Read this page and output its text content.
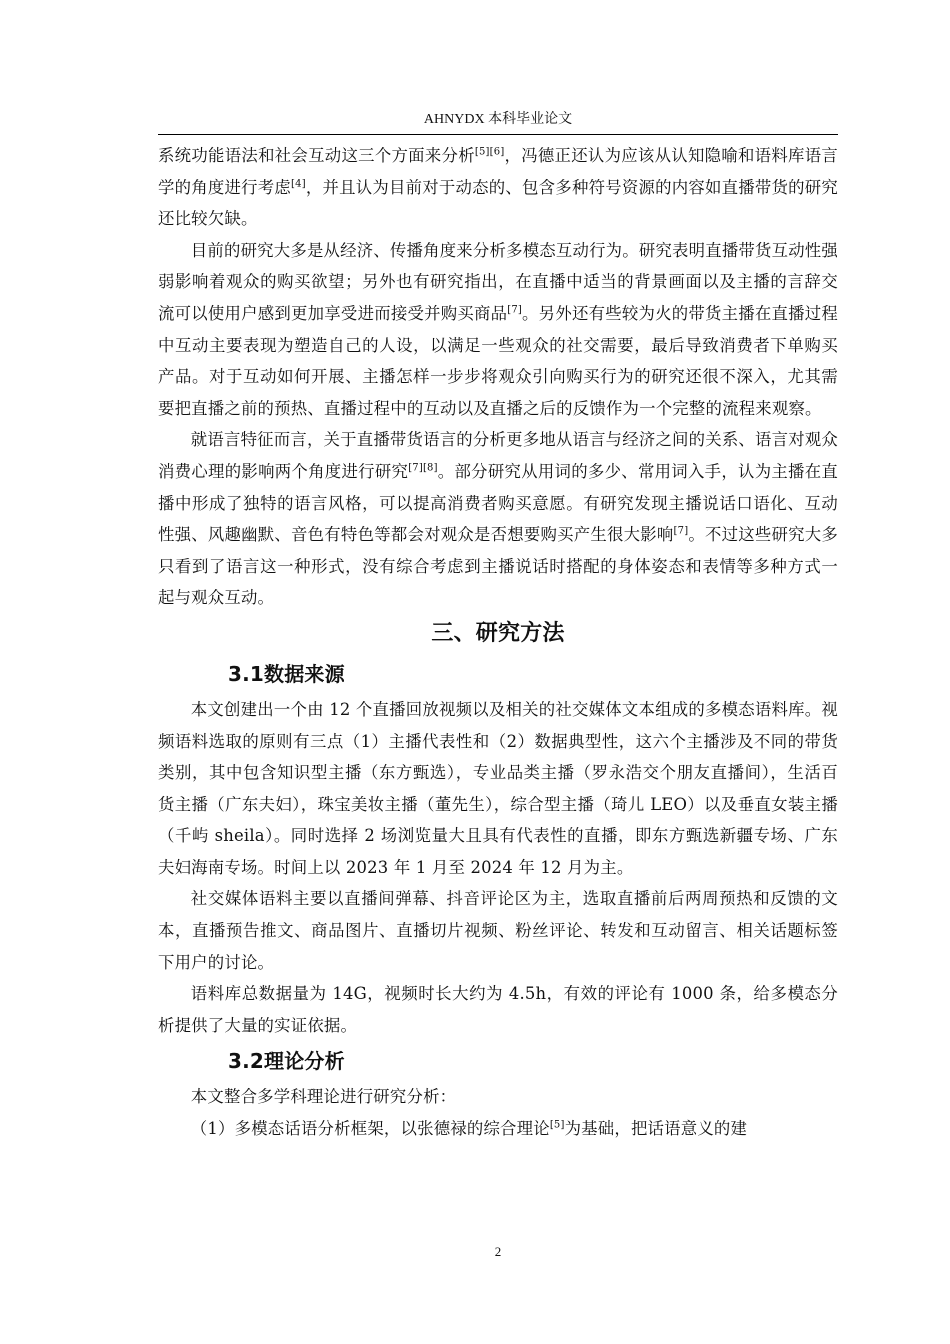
AHNYDX 本科毕业论文

系统功能语法和社会互动这三个方面来分析[5][6]，冯德正还认为应该从认知隐喻和语料库语言学的角度进行考虑[4]，并且认为目前对于动态的、包含多种符号资源的内容如直播带货的研究还比较欠缺。

目前的研究大多是从经济、传播角度来分析多模态互动行为。研究表明直播带货互动性强弱影响着观众的购买欲望；另外也有研究指出，在直播中适当的背景画面以及主播的言辞交流可以使用户感到更加享受进而接受并购买商品[7]。另外还有些较为火的带货主播在直播过程中互动主要表现为塑造自己的人设，以满足一些观众的社交需要，最后导致消费者下单购买产品。对于互动如何开展、主播怎样一步步将观众引向购买行为的研究还很不深入，尤其需要把直播之前的预热、直播过程中的互动以及直播之后的反馈作为一个完整的流程来观察。

就语言特征而言，关于直播带货语言的分析更多地从语言与经济之间的关系、语言对观众消费心理的影响两个角度进行研究[7][8]。部分研究从用词的多少、常用词入手，认为主播在直播中形成了独特的语言风格，可以提高消费者购买意愿。有研究发现主播说话口语化、互动性强、风趣幽默、音色有特色等都会对观众是否想要购买产生很大影响[7]。不过这些研究大多只看到了语言这一种形式，没有综合考虑到主播说话时搭配的身体姿态和表情等多种方式一起与观众互动。

三、研究方法
3.1数据来源

本文创建出一个由 12 个直播回放视频以及相关的社交媒体文本组成的多模态语料库。视频语料选取的原则有三点（1）主播代表性和（2）数据典型性，这六个主播涉及不同的带货类别，其中包含知识型主播（东方甄选），专业品类主播（罗永浩交个朋友直播间），生活百货主播（广东夫妇），珠宝美妆主播（董先生），综合型主播（琦儿 LEO）以及垂直女装主播（千屿 sheila）。同时选择 2 场浏览量大且具有代表性的直播，即东方甄选新疆专场、广东夫妇海南专场。时间上以 2023 年 1 月至 2024 年 12 月为主。

社交媒体语料主要以直播间弹幕、抖音评论区为主，选取直播前后两周预热和反馈的文本，直播预告推文、商品图片、直播切片视频、粉丝评论、转发和互动留言、相关话题标签下用户的讨论。

语料库总数据量为 14G，视频时长大约为 4.5h，有效的评论有 1000 条，给多模态分析提供了大量的实证依据。

3.2理论分析

本文整合多学科理论进行研究分析：

（1）多模态话语分析框架，以张德禄的综合理论[5]为基础，把话语意义的建

2
